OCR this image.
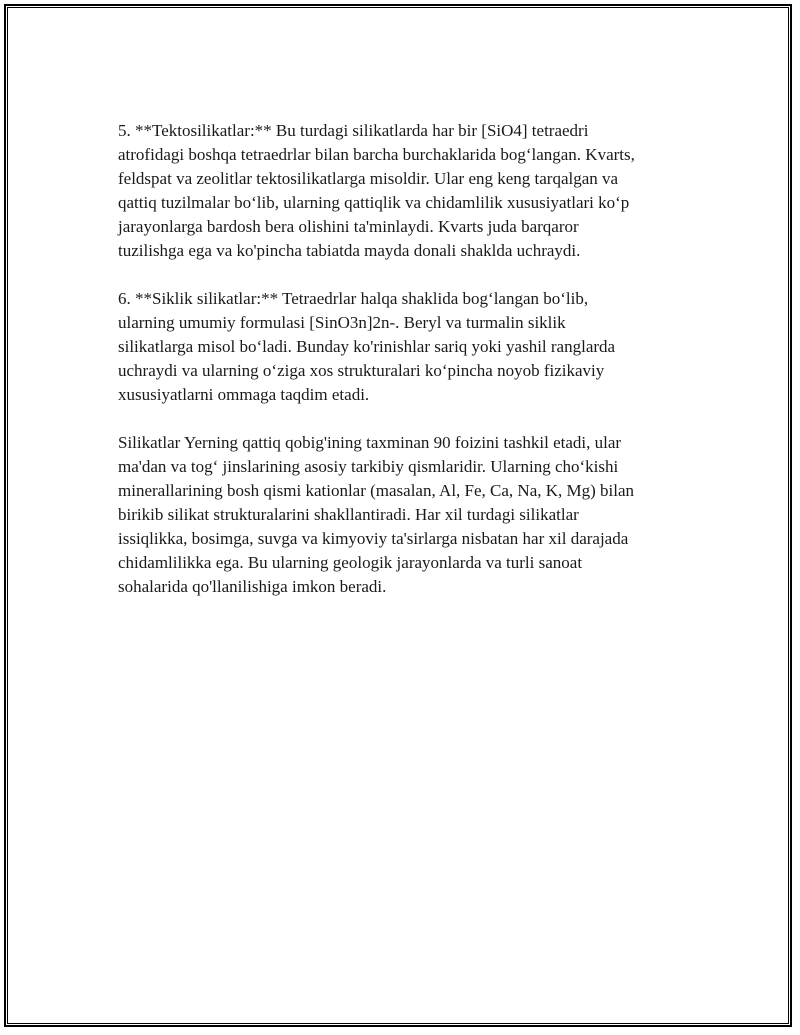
5. **Tektosilikatlar:** Bu turdagi silikatlarda har bir [SiO4] tetraedri
atrofidagi boshqa tetraedrlar bilan barcha burchaklarida bog‘langan. Kvarts,
feldspat va zeolitlar tektosilikatlarga misoldir. Ular eng keng tarqalgan va
qattiq tuzilmalar bo‘lib, ularning qattiqlik va chidamlilik xususiyatlari ko‘p
jarayonlarga bardosh bera olishini ta'minlaydi. Kvarts juda barqaror
tuzilishga ega va ko'pincha tabiatda mayda donali shaklda uchraydi.

6. **Siklik silikatlar:** Tetraedrlar halqa shaklida bog‘langan bo‘lib,
ularning umumiy formulasi [SinO3n]2n-. Beryl va turmalin siklik
silikatlarga misol bo‘ladi. Bunday ko'rinishlar sariq yoki yashil ranglarda
uchraydi va ularning o‘ziga xos strukturalari ko‘pincha noyob fizikaviy
xususiyatlarni ommaga taqdim etadi.

Silikatlar Yerning qattiq qobig'ining taxminan 90 foizini tashkil etadi, ular
ma'dan va tog‘ jinslarining asosiy tarkibiy qismlaridir. Ularning cho‘kishi
minerallarining bosh qismi kationlar (masalan, Al, Fe, Ca, Na, K, Mg) bilan
birikib silikat strukturalarini shakllantiradi. Har xil turdagi silikatlar
issiqlikka, bosimga, suvga va kimyoviy ta'sirlarga nisbatan har xil darajada
chidamlilikka ega. Bu ularning geologik jarayonlarda va turli sanoat
sohalarida qo'llanilishiga imkon beradi.
